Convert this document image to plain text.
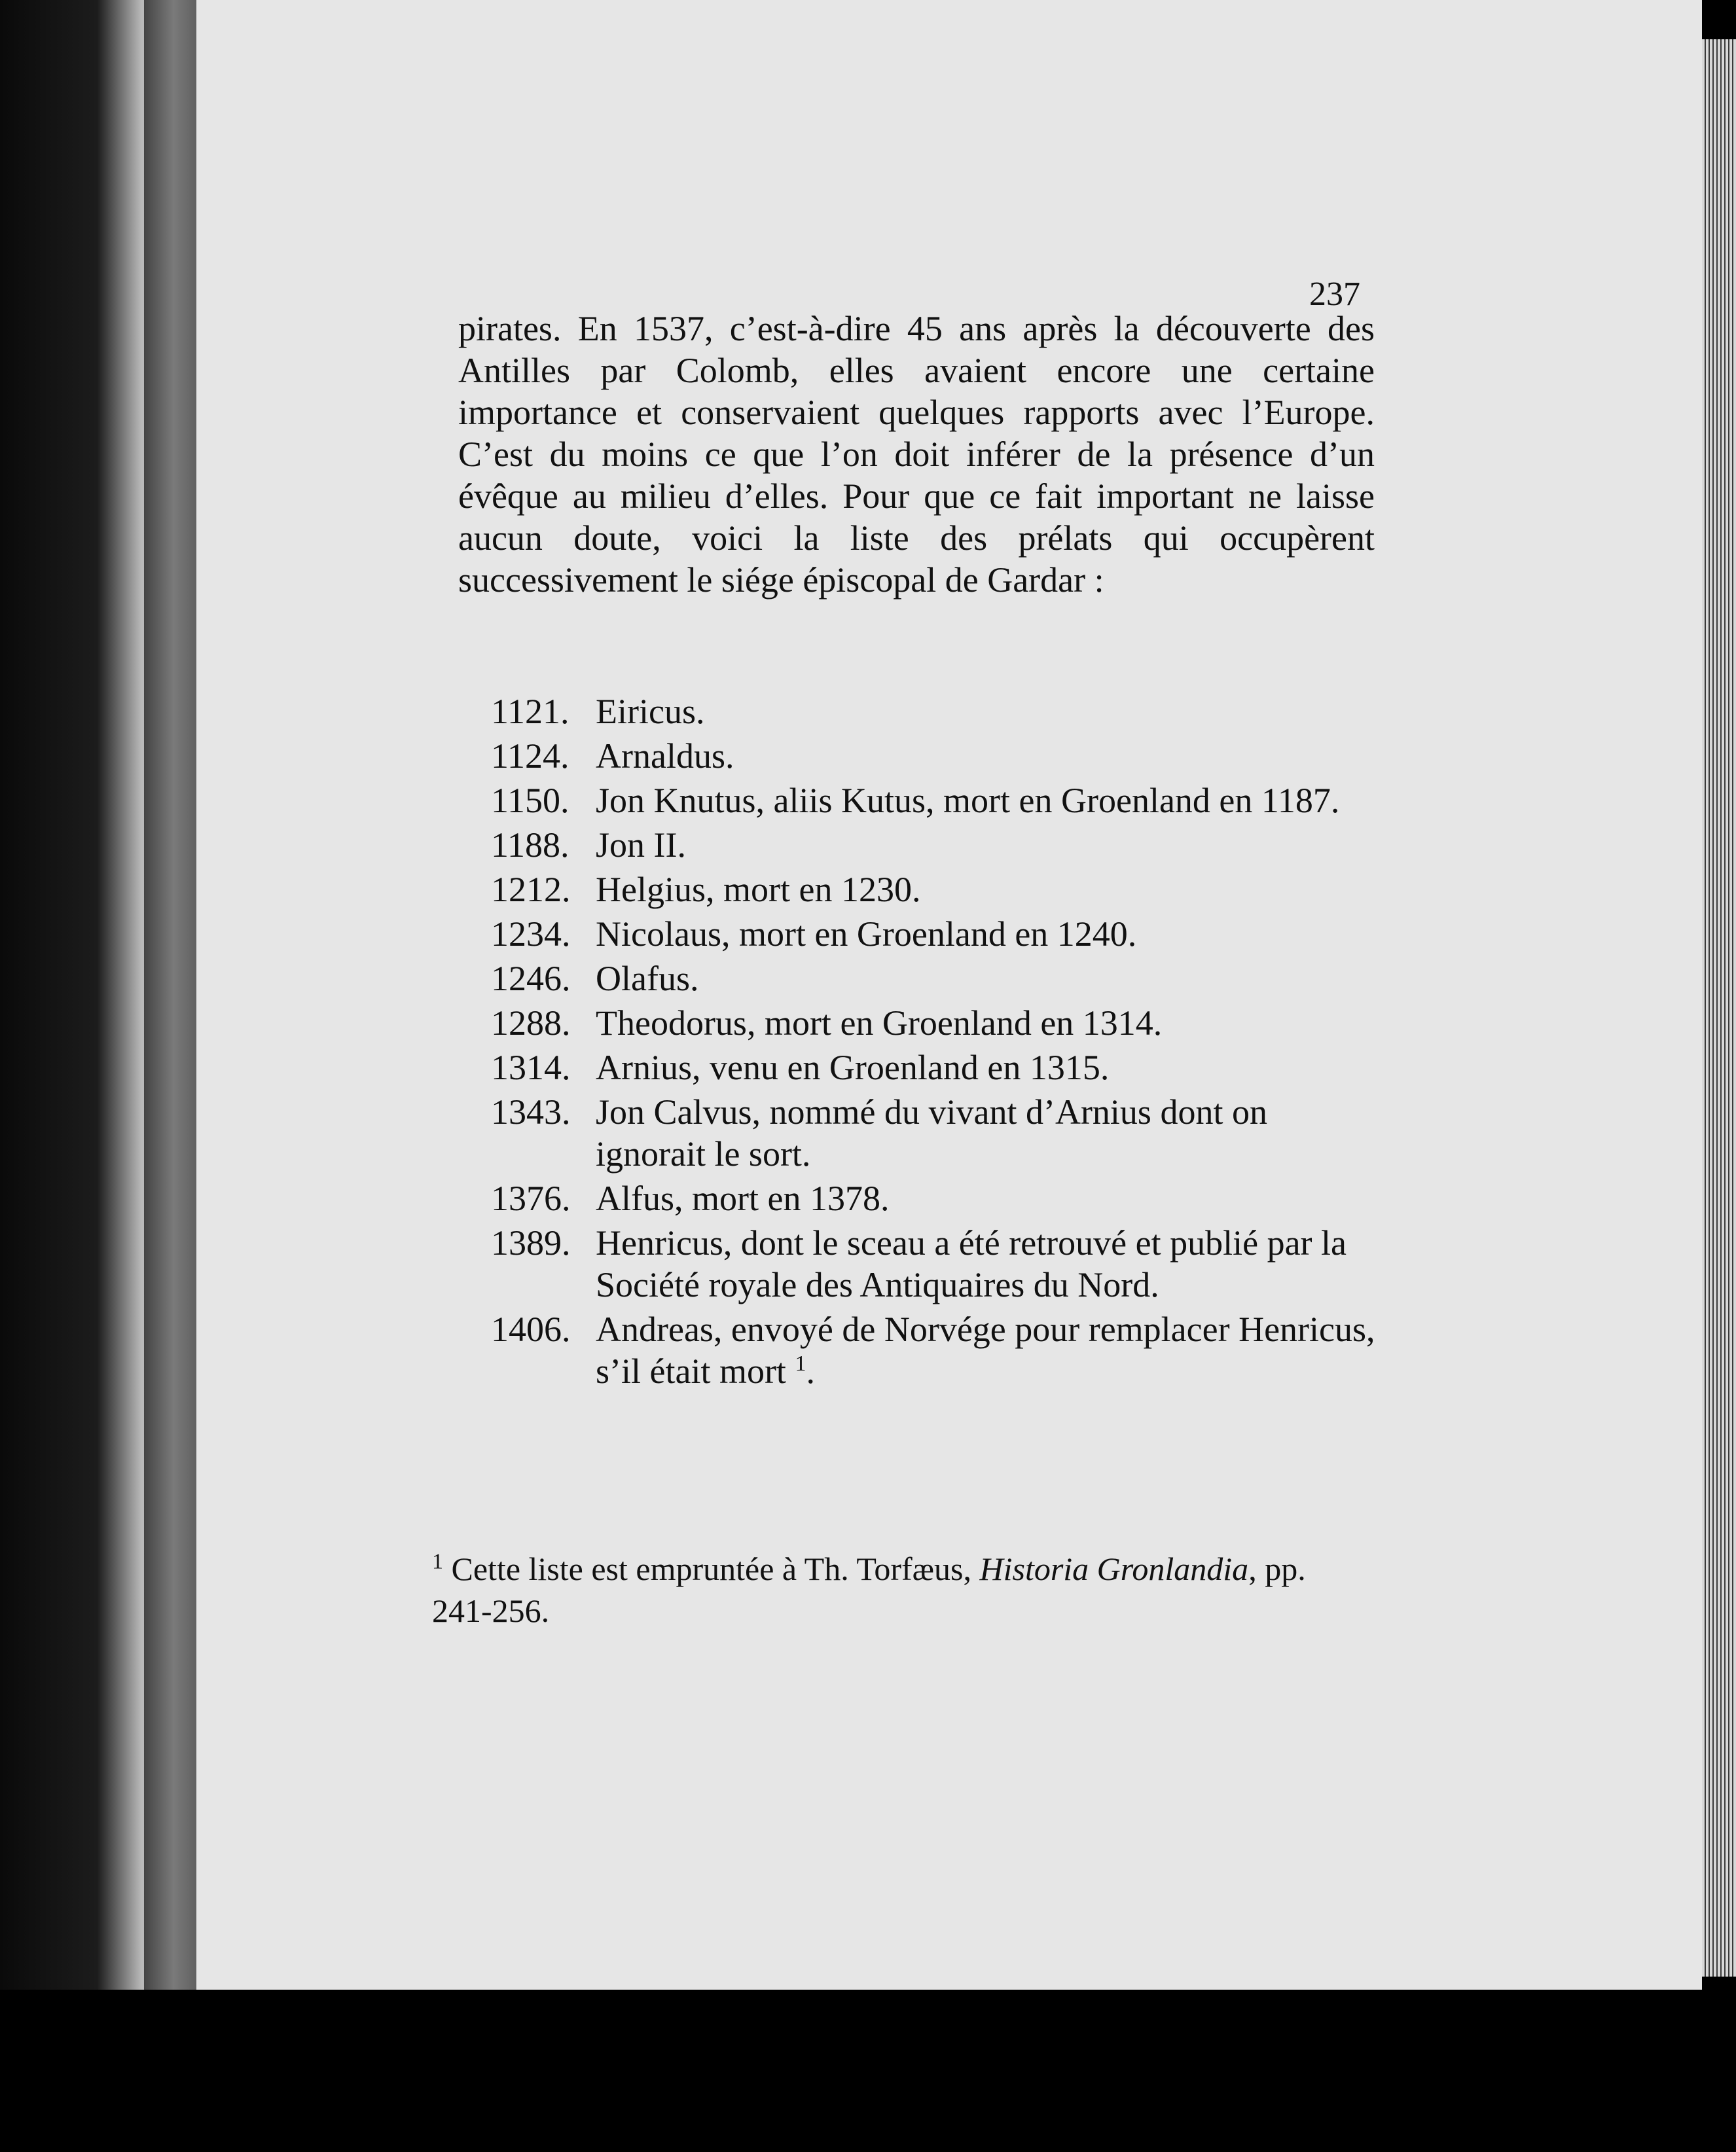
237
pirates. En 1537, c’est-à-dire 45 ans après la découverte des Antilles par Colomb, elles avaient encore une certaine importance et conservaient quelques rapports avec l’Europe. C’est du moins ce que l’on doit inférer de la présence d’un évêque au milieu d’elles. Pour que ce fait important ne laisse aucun doute, voici la liste des prélats qui occupèrent successivement le siége épiscopal de Gardar :
1121. Eiricus.
1124. Arnaldus.
1150. Jon Knutus, aliis Kutus, mort en Groenland en 1187.
1188. Jon II.
1212. Helgius, mort en 1230.
1234. Nicolaus, mort en Groenland en 1240.
1246. Olafus.
1288. Theodorus, mort en Groenland en 1314.
1314. Arnius, venu en Groenland en 1315.
1343. Jon Calvus, nommé du vivant d’Arnius dont on ignorait le sort.
1376. Alfus, mort en 1378.
1389. Henricus, dont le sceau a été retrouvé et publié par la Société royale des Antiquaires du Nord.
1406. Andreas, envoyé de Norvége pour remplacer Henricus, s’il était mort $^1$.
$^1$ Cette liste est empruntée à Th. Torfæus, Historia Gronlandia, pp. 241-256.
